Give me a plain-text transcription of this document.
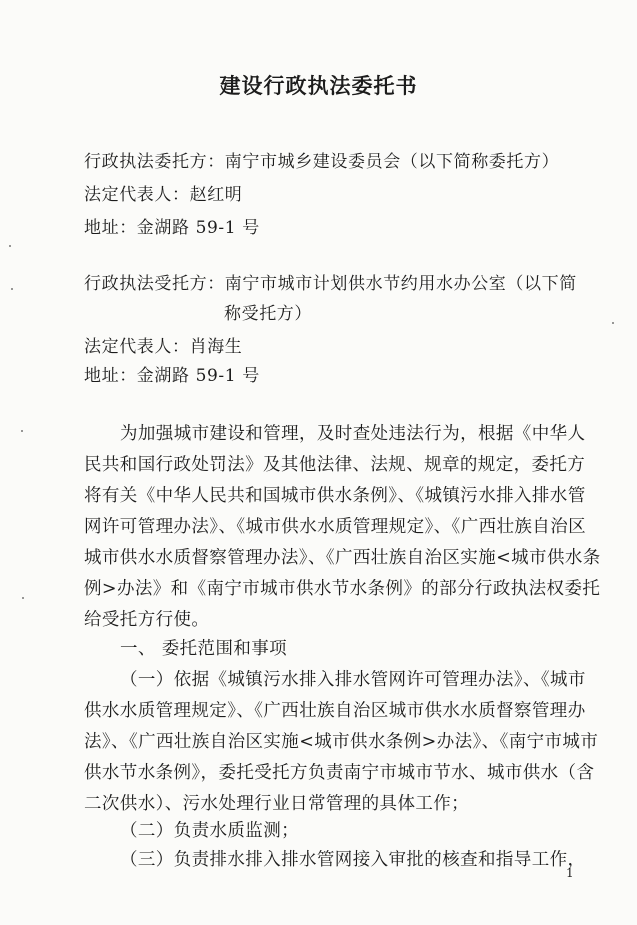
建设行政执法委托书
行政执法委托方：南宁市城乡建设委员会（以下简称委托方）
法定代表人：赵红明
地址：金湖路 59-1 号
行政执法受托方：南宁市城市计划供水节约用水办公室（以下简
称受托方）
法定代表人：肖海生
地址：金湖路 59-1 号
为加强城市建设和管理，及时查处违法行为，根据《中华人
民共和国行政处罚法》及其他法律、法规、规章的规定，委托方
将有关《中华人民共和国城市供水条例》、《城镇污水排入排水管
网许可管理办法》、《城市供水水质管理规定》、《广西壮族自治区
城市供水水质督察管理办法》、《广西壮族自治区实施<城市供水条
例>办法》和《南宁市城市供水节水条例》的部分行政执法权委托
给受托方行使。
一、 委托范围和事项
（一）依据《城镇污水排入排水管网许可管理办法》、《城市
供水水质管理规定》、《广西壮族自治区城市供水水质督察管理办
法》、《广西壮族自治区实施<城市供水条例>办法》、《南宁市城市
供水节水条例》，委托受托方负责南宁市城市节水、城市供水（含
二次供水）、污水处理行业日常管理的具体工作；
（二）负责水质监测；
（三）负责排水排入排水管网接入审批的核查和指导工作，
1
